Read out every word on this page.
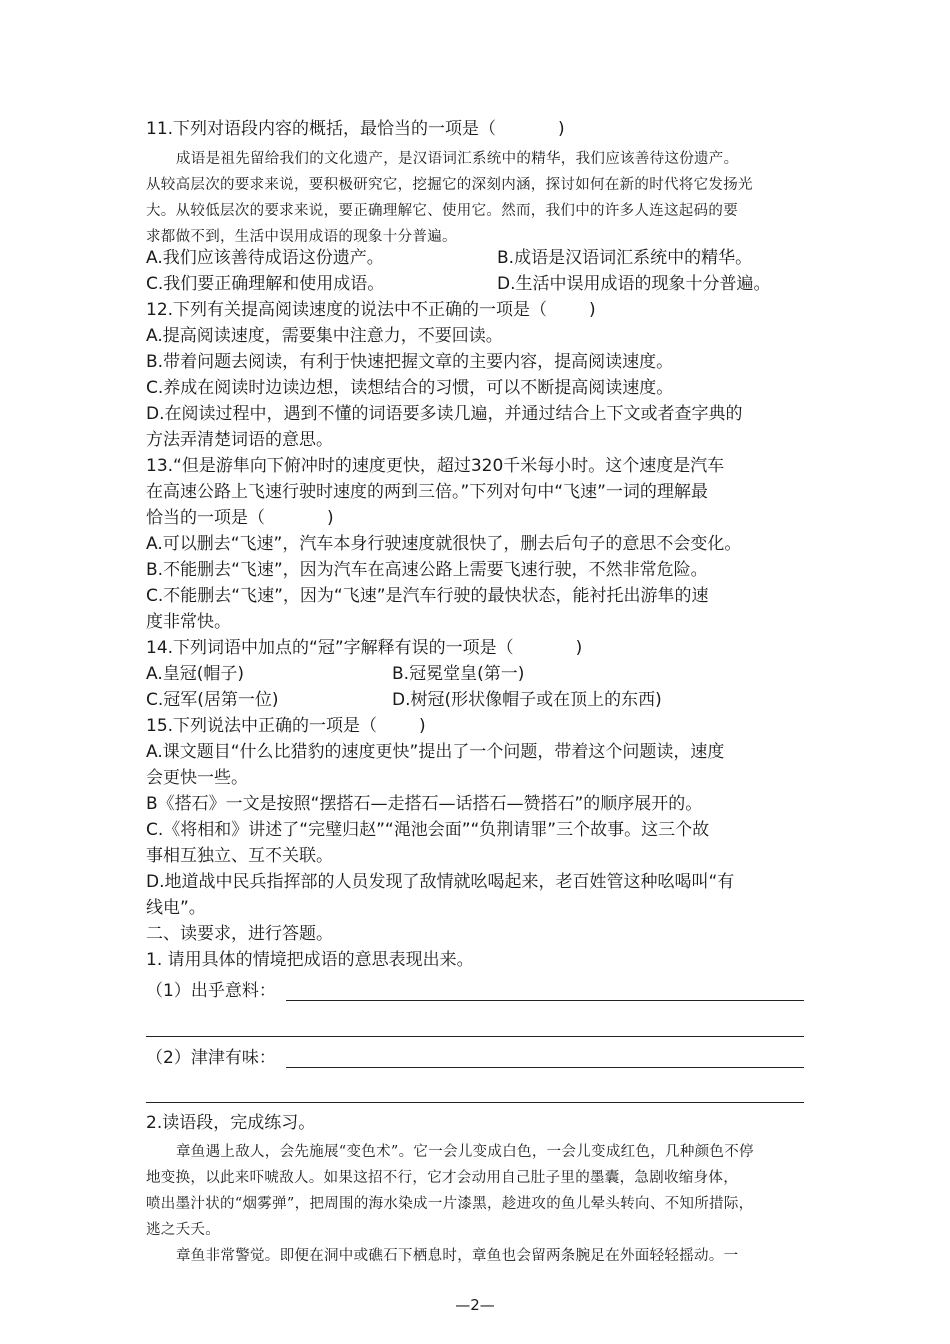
11.下列对语段内容的概括，最恰当的一项是（	)
成语是祖先留给我们的文化遗产，是汉语词汇系统中的精华，我们应该善待这份遗产。
从较高层次的要求来说，要积极研究它，挖掘它的深刻内涵，探讨如何在新的时代将它发扬光
大。从较低层次的要求来说，要正确理解它、使用它。然而，我们中的许多人连这起码的要
求都做不到，生活中误用成语的现象十分普遍。
A.我们应该善待成语这份遗产。	B.成语是汉语词汇系统中的精华。
C.我们要正确理解和使用成语。	D.生活中误用成语的现象十分普遍。
12.下列有关提高阅读速度的说法中不正确的一项是（ )
A.提高阅读速度，需要集中注意力，不要回读。
B.带着问题去阅读，有利于快速把握文章的主要内容，提高阅读速度。
C.养成在阅读时边读边想，读想结合的习惯，可以不断提高阅读速度。
D.在阅读过程中，遇到不懂的词语要多读几遍，并通过结合上下文或者查字典的
方法弄清楚词语的意思。
13.“但是游隼向下俯冲时的速度更快，超过320千米每小时。这个速度是汽车
在高速公路上飞速行驶时速度的两到三倍。”下列对句中“飞速”一词的理解最
恰当的一项是（	)
A.可以删去“飞速”，汽车本身行驶速度就很快了，删去后句子的意思不会变化。
B.不能删去“飞速”，因为汽车在高速公路上需要飞速行驶，不然非常危险。
C.不能删去“飞速”，因为“飞速”是汽车行驶的最快状态，能衬托出游隼的速
度非常快。
14.下列词语中加点的“冠”字解释有误的一项是（	)
A.皇冠(帽子)	B.冠冕堂皇(第一)
C.冠军(居第一位)	D.树冠(形状像帽子或在顶上的东西)
15.下列说法中正确的一项是（ )
A.课文题目“什么比猎豹的速度更快”提出了一个问题，带着这个问题读，速度
会更快一些。
B《搭石》一文是按照“摆搭石—走搭石—话搭石—赞搭石”的顺序展开的。
C.《将相和》讲述了“完璧归赵”“渑池会面”“负荆请罪”三个故事。这三个故
事相互独立、互不关联。
D.地道战中民兵指挥部的人员发现了敌情就吆喝起来，老百姓管这种吆喝叫“有
线电”。
二、读要求，进行答题。
1. 请用具体的情境把成语的意思表现出来。
（1）出乎意料：
（2）津津有味：
2.读语段，完成练习。
章鱼遇上敌人，会先施展“变色术”。它一会儿变成白色，一会儿变成红色，几种颜色不停
地变换，以此来吓唬敌人。如果这招不行，它才会动用自己肚子里的墨囊，急剧收缩身体，
喷出墨汁状的“烟雾弹”，把周围的海水染成一片漆黑，趁进攻的鱼儿晕头转向、不知所措际，
逃之夭夭。
章鱼非常警觉。即便在洞中或礁石下栖息时，章鱼也会留两条腕足在外面轻轻摇动。一
—2—
